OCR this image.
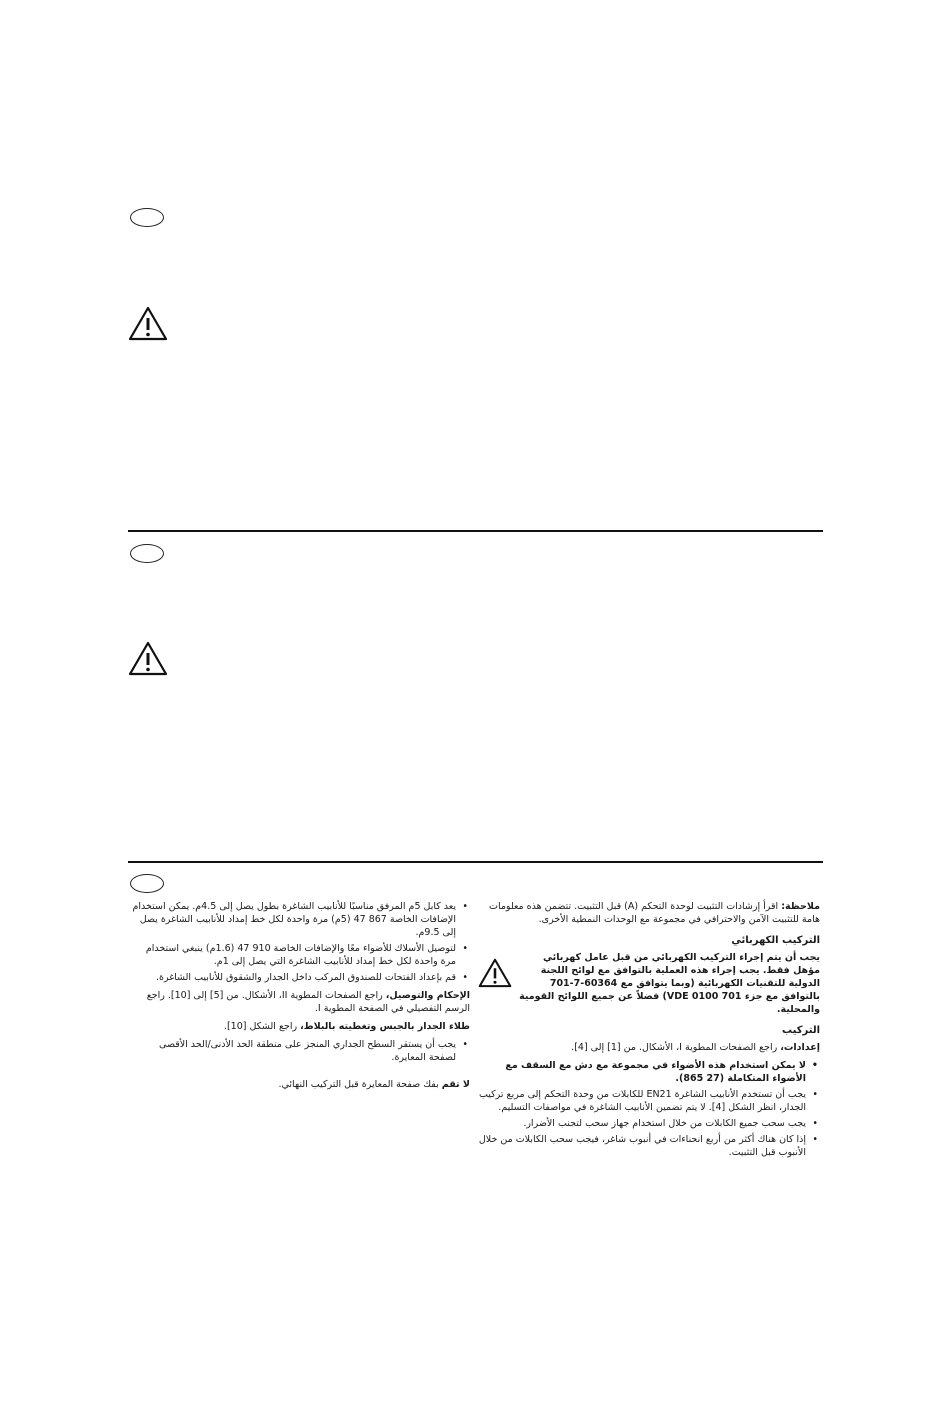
ملاحظة: اقرأ إرشادات التثبيت لوحدة التحكم (A) قبل التثبيت. تتضمن هذه معلومات هامة للتثبيت الآمن والاحترافي في مجموعة مع الوحدات النمطية الأخرى.

التركيب الكهربائي
يجب أن يتم إجراء التركيب الكهربائي من قبل عامل كهربائي مؤهل فقط. يجب إجراء هذه العملية بالتوافق مع لوائح اللجنة الدولية للتقنيات الكهربائية (وبما يتوافق مع 60364-7-701 بالتوافق مع جزء VDE 0100 701) فضلاً عن جميع اللوائح القومية والمحلية.
التركيب

إعدادات، راجع الصفحات المطوية I، الأشكال. من [1] إلى [4].

• لا يمكن استخدام هذه الأضواء في مجموعة مع دش مع السقف مع الأضواء المتكاملة (27 865).
• يجب أن تستخدم الأنابيب الشاغرة EN21 للكابلات من وحدة التحكم إلى مربع تركيب الجدار، انظر الشكل [4]. لا يتم تضمين الأنابيب الشاغرة في مواصفات التسليم.
• يجب سحب جميع الكابلات من خلال استخدام جهاز سحب لتجنب الأضرار.
• إذا كان هناك أكثر من أربع انحناءات في أنبوب شاغر، فيجب سحب الكابلات من خلال الأنبوب قبل التثبيت.
• يعد كابل 5م المرفق مناسبًا للأنابيب الشاغرة بطول يصل إلى 4.5م. يمكن استخدام الإضافات الخاصة 867 47 (5م) مرة واحدة لكل خط إمداد للأنابيب الشاغرة يصل إلى 9.5م.
• لتوصيل الأسلاك للأضواء معًا والإضافات الخاصة 910 47 (1.6م) ينبغي استخدام مرة واحدة لكل خط إمداد للأنابيب الشاغرة التي يصل إلى 1م.
• قم بإعداد الفتحات للصندوق المركب داخل الجدار والشقوق للأنابيب الشاغرة.

الإحكام والتوصيل، راجع الصفحات المطوية II، الأشكال. من [5] إلى [10]. راجع الرسم التفصيلي في الصفحة المطوية I.

طلاء الجدار بالجبس وتغطيته بالبلاط، راجع الشكل [10].

• يجب أن يستقر السطح الجداري المنجز على منطقة الحد الأدنى/الحد الأقصى لصفحة المعايرة.

لا تقم بفك صفحة المعايرة قبل التركيب النهائي.
